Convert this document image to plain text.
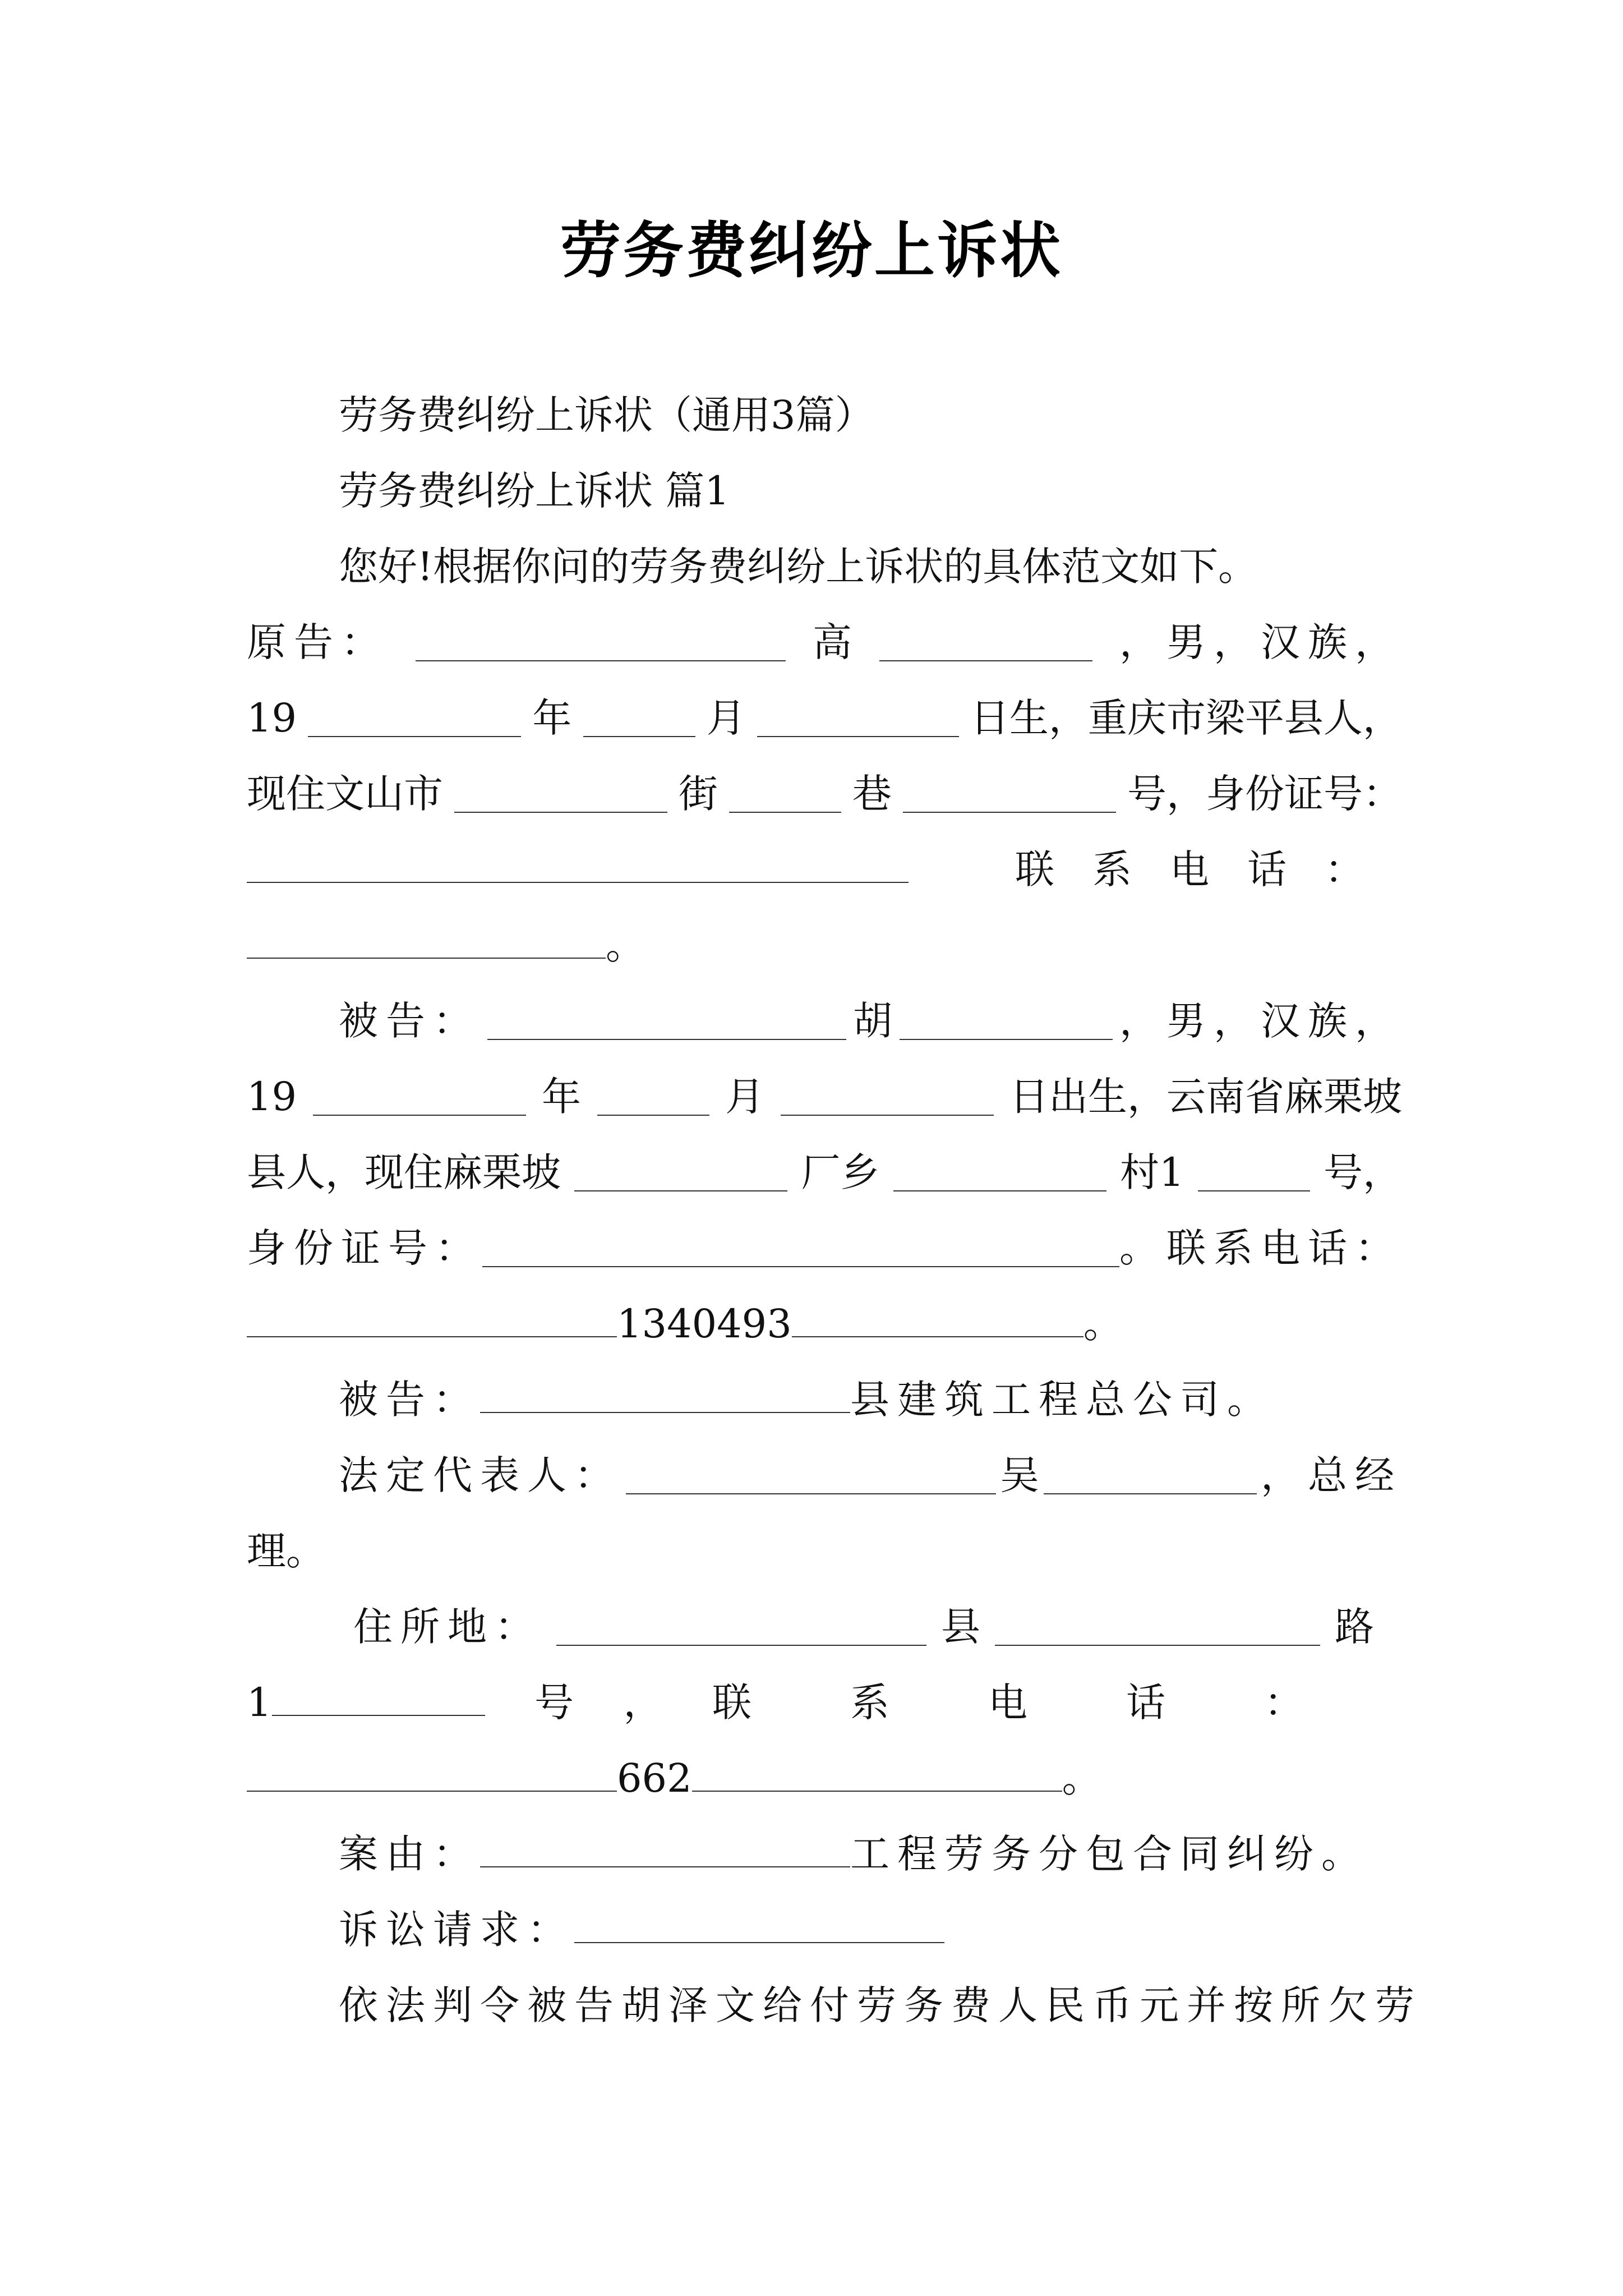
劳务费纠纷上诉状
劳务费纠纷上诉状（通用3篇）
劳务费纠纷上诉状 篇1
您好!根据你问的劳务费纠纷上诉状的具体范文如下。
原告：	高	，男，汉族，
19	年	月	日生，重庆市梁平县人，
现住文山市	街	巷	号，身份证号：
联系电话：
。
被告：	胡	，男，汉族，
19	年	月	日出生，云南省麻栗坡
县人，现住麻栗坡	厂乡	村1	号，
身份证号：	。联系电话：
1340493	。
被告：	县建筑工程总公司。
法定代表人：	吴	，总经
理。
住所地：	县	路
1	号 ， 联系电话：
662	。
案由：	工程劳务分包合同纠纷。
诉讼请求：
依法判令被告胡泽文给付劳务费人民币元并按所欠劳
